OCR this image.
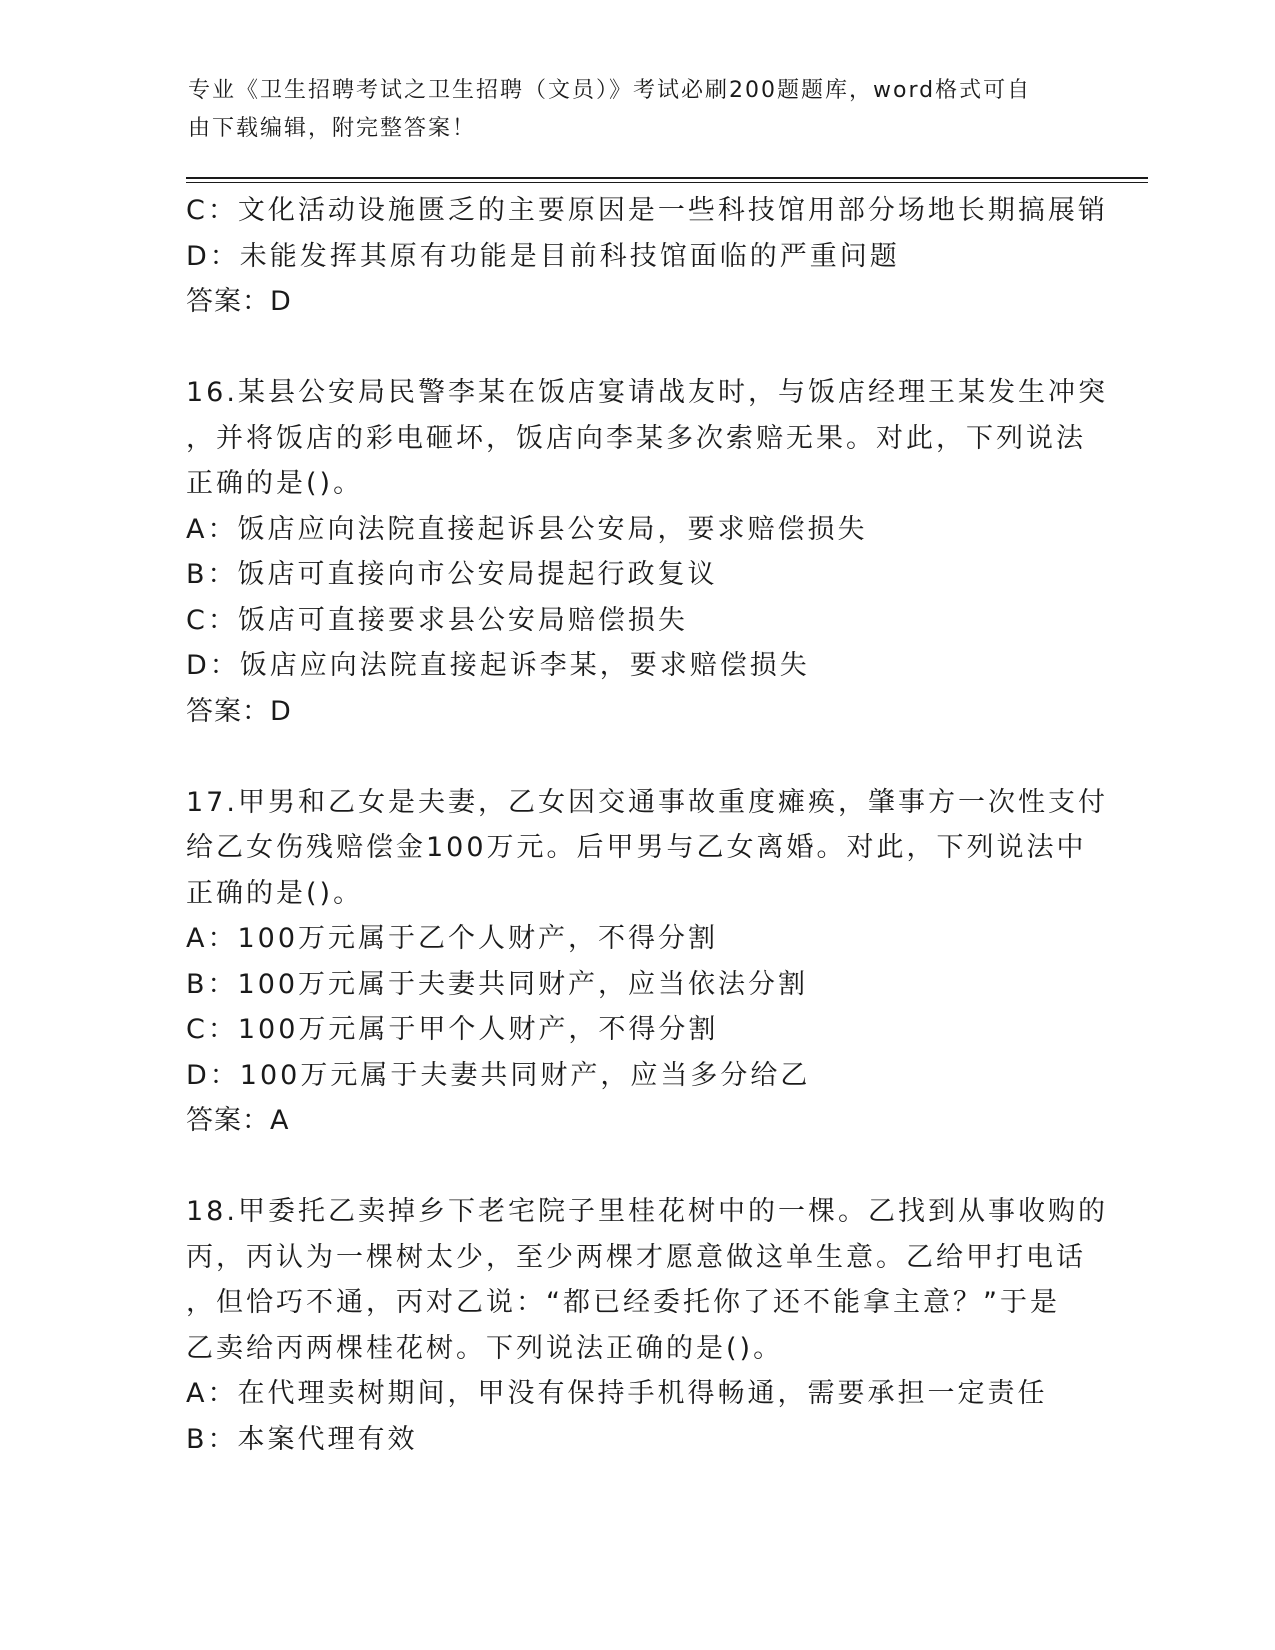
专业《卫生招聘考试之卫生招聘（文员）》考试必刷200题题库，word格式可自
由下载编辑，附完整答案！
C：文化活动设施匮乏的主要原因是一些科技馆用部分场地长期搞展销
D：未能发挥其原有功能是目前科技馆面临的严重问题
答案：D
16.某县公安局民警李某在饭店宴请战友时，与饭店经理王某发生冲突
，并将饭店的彩电砸坏，饭店向李某多次索赔无果。对此，下列说法
正确的是()。
A：饭店应向法院直接起诉县公安局，要求赔偿损失
B：饭店可直接向市公安局提起行政复议
C：饭店可直接要求县公安局赔偿损失
D：饭店应向法院直接起诉李某，要求赔偿损失
答案：D
17.甲男和乙女是夫妻，乙女因交通事故重度瘫痪，肇事方一次性支付
给乙女伤残赔偿金100万元。后甲男与乙女离婚。对此，下列说法中
正确的是()。
A：100万元属于乙个人财产，不得分割
B：100万元属于夫妻共同财产，应当依法分割
C：100万元属于甲个人财产，不得分割
D：100万元属于夫妻共同财产，应当多分给乙
答案：A
18.甲委托乙卖掉乡下老宅院子里桂花树中的一棵。乙找到从事收购的
丙，丙认为一棵树太少，至少两棵才愿意做这单生意。乙给甲打电话
，但恰巧不通，丙对乙说：“都已经委托你了还不能拿主意？”于是
乙卖给丙两棵桂花树。下列说法正确的是()。
A：在代理卖树期间，甲没有保持手机得畅通，需要承担一定责任
B：本案代理有效
